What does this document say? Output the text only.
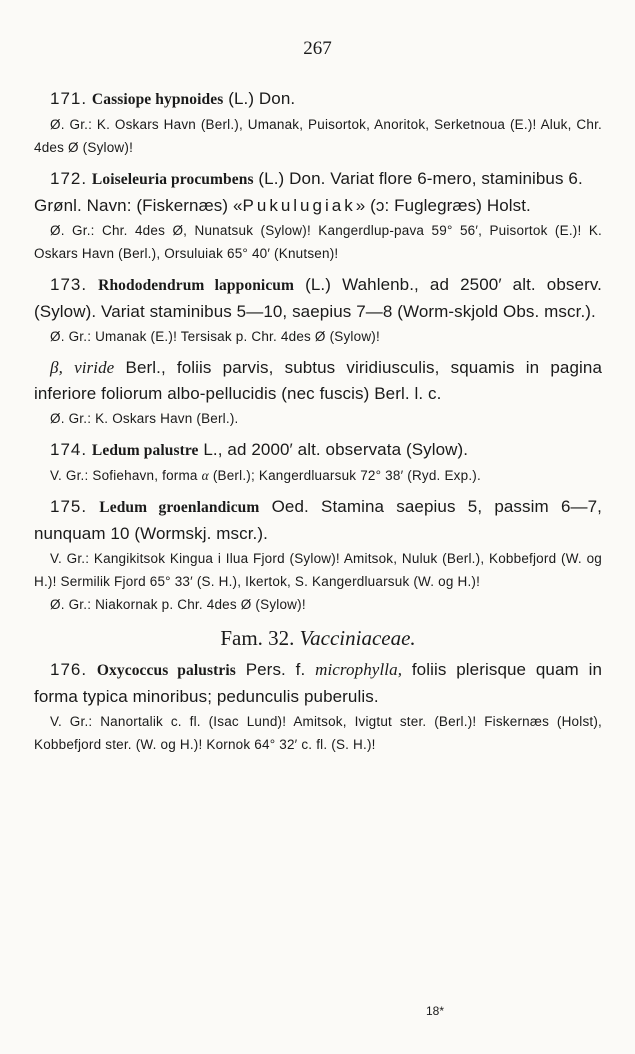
267
171. Cassiope hypnoides (L.) Don.
Ø. Gr.: K. Oskars Havn (Berl.), Umanak, Puisortok, Anoritok, Serketnoua (E.)! Aluk, Chr. 4des Ø (Sylow)!
172. Loiseleuria procumbens (L.) Don. Variat flore 6-mero, staminibus 6.
Grønl. Navn: (Fiskernæs) «Pukulugiak» (ɔ: Fuglegræs) Holst.
Ø. Gr.: Chr. 4des Ø, Nunatsuk (Sylow)! Kangerdlup-pava 59° 56′, Puisortok (E.)! K. Oskars Havn (Berl.), Orsuluiak 65° 40′ (Knutsen)!
173. Rhododendrum lapponicum (L.) Wahlenb., ad 2500′ alt. observ. (Sylow). Variat staminibus 5—10, saepius 7—8 (Worm-skjold Obs. mscr.).
Ø. Gr.: Umanak (E.)! Tersisak p. Chr. 4des Ø (Sylow)!
β, viride Berl., foliis parvis, subtus viridiusculis, squamis in pagina inferiore foliorum albo-pellucidis (nec fuscis) Berl. l. c.
Ø. Gr.: K. Oskars Havn (Berl.).
174. Ledum palustre L., ad 2000′ alt. observata (Sylow).
V. Gr.: Sofiehavn, forma α (Berl.); Kangerdluarsuk 72° 38′ (Ryd. Exp.).
175. Ledum groenlandicum Oed. Stamina saepius 5, passim 6—7, nunquam 10 (Wormskj. mscr.).
V. Gr.: Kangikitsok Kingua i Ilua Fjord (Sylow)! Amitsok, Nuluk (Berl.), Kobbefjord (W. og H.)! Sermilik Fjord 65° 33′ (S. H.), Ikertok, S. Kangerdluarsuk (W. og H.)!
Ø. Gr.: Niakornak p. Chr. 4des Ø (Sylow)!
Fam. 32. Vacciniaceae.
176. Oxycoccus palustris Pers. f. microphylla, foliis plerisque quam in forma typica minoribus; pedunculis puberulis.
V. Gr.: Nanortalik c. fl. (Isac Lund)! Amitsok, Ivigtut ster. (Berl.)! Fiskernæs (Holst), Kobbefjord ster. (W. og H.)! Kornok 64° 32′ c. fl. (S. H.)!
18*
